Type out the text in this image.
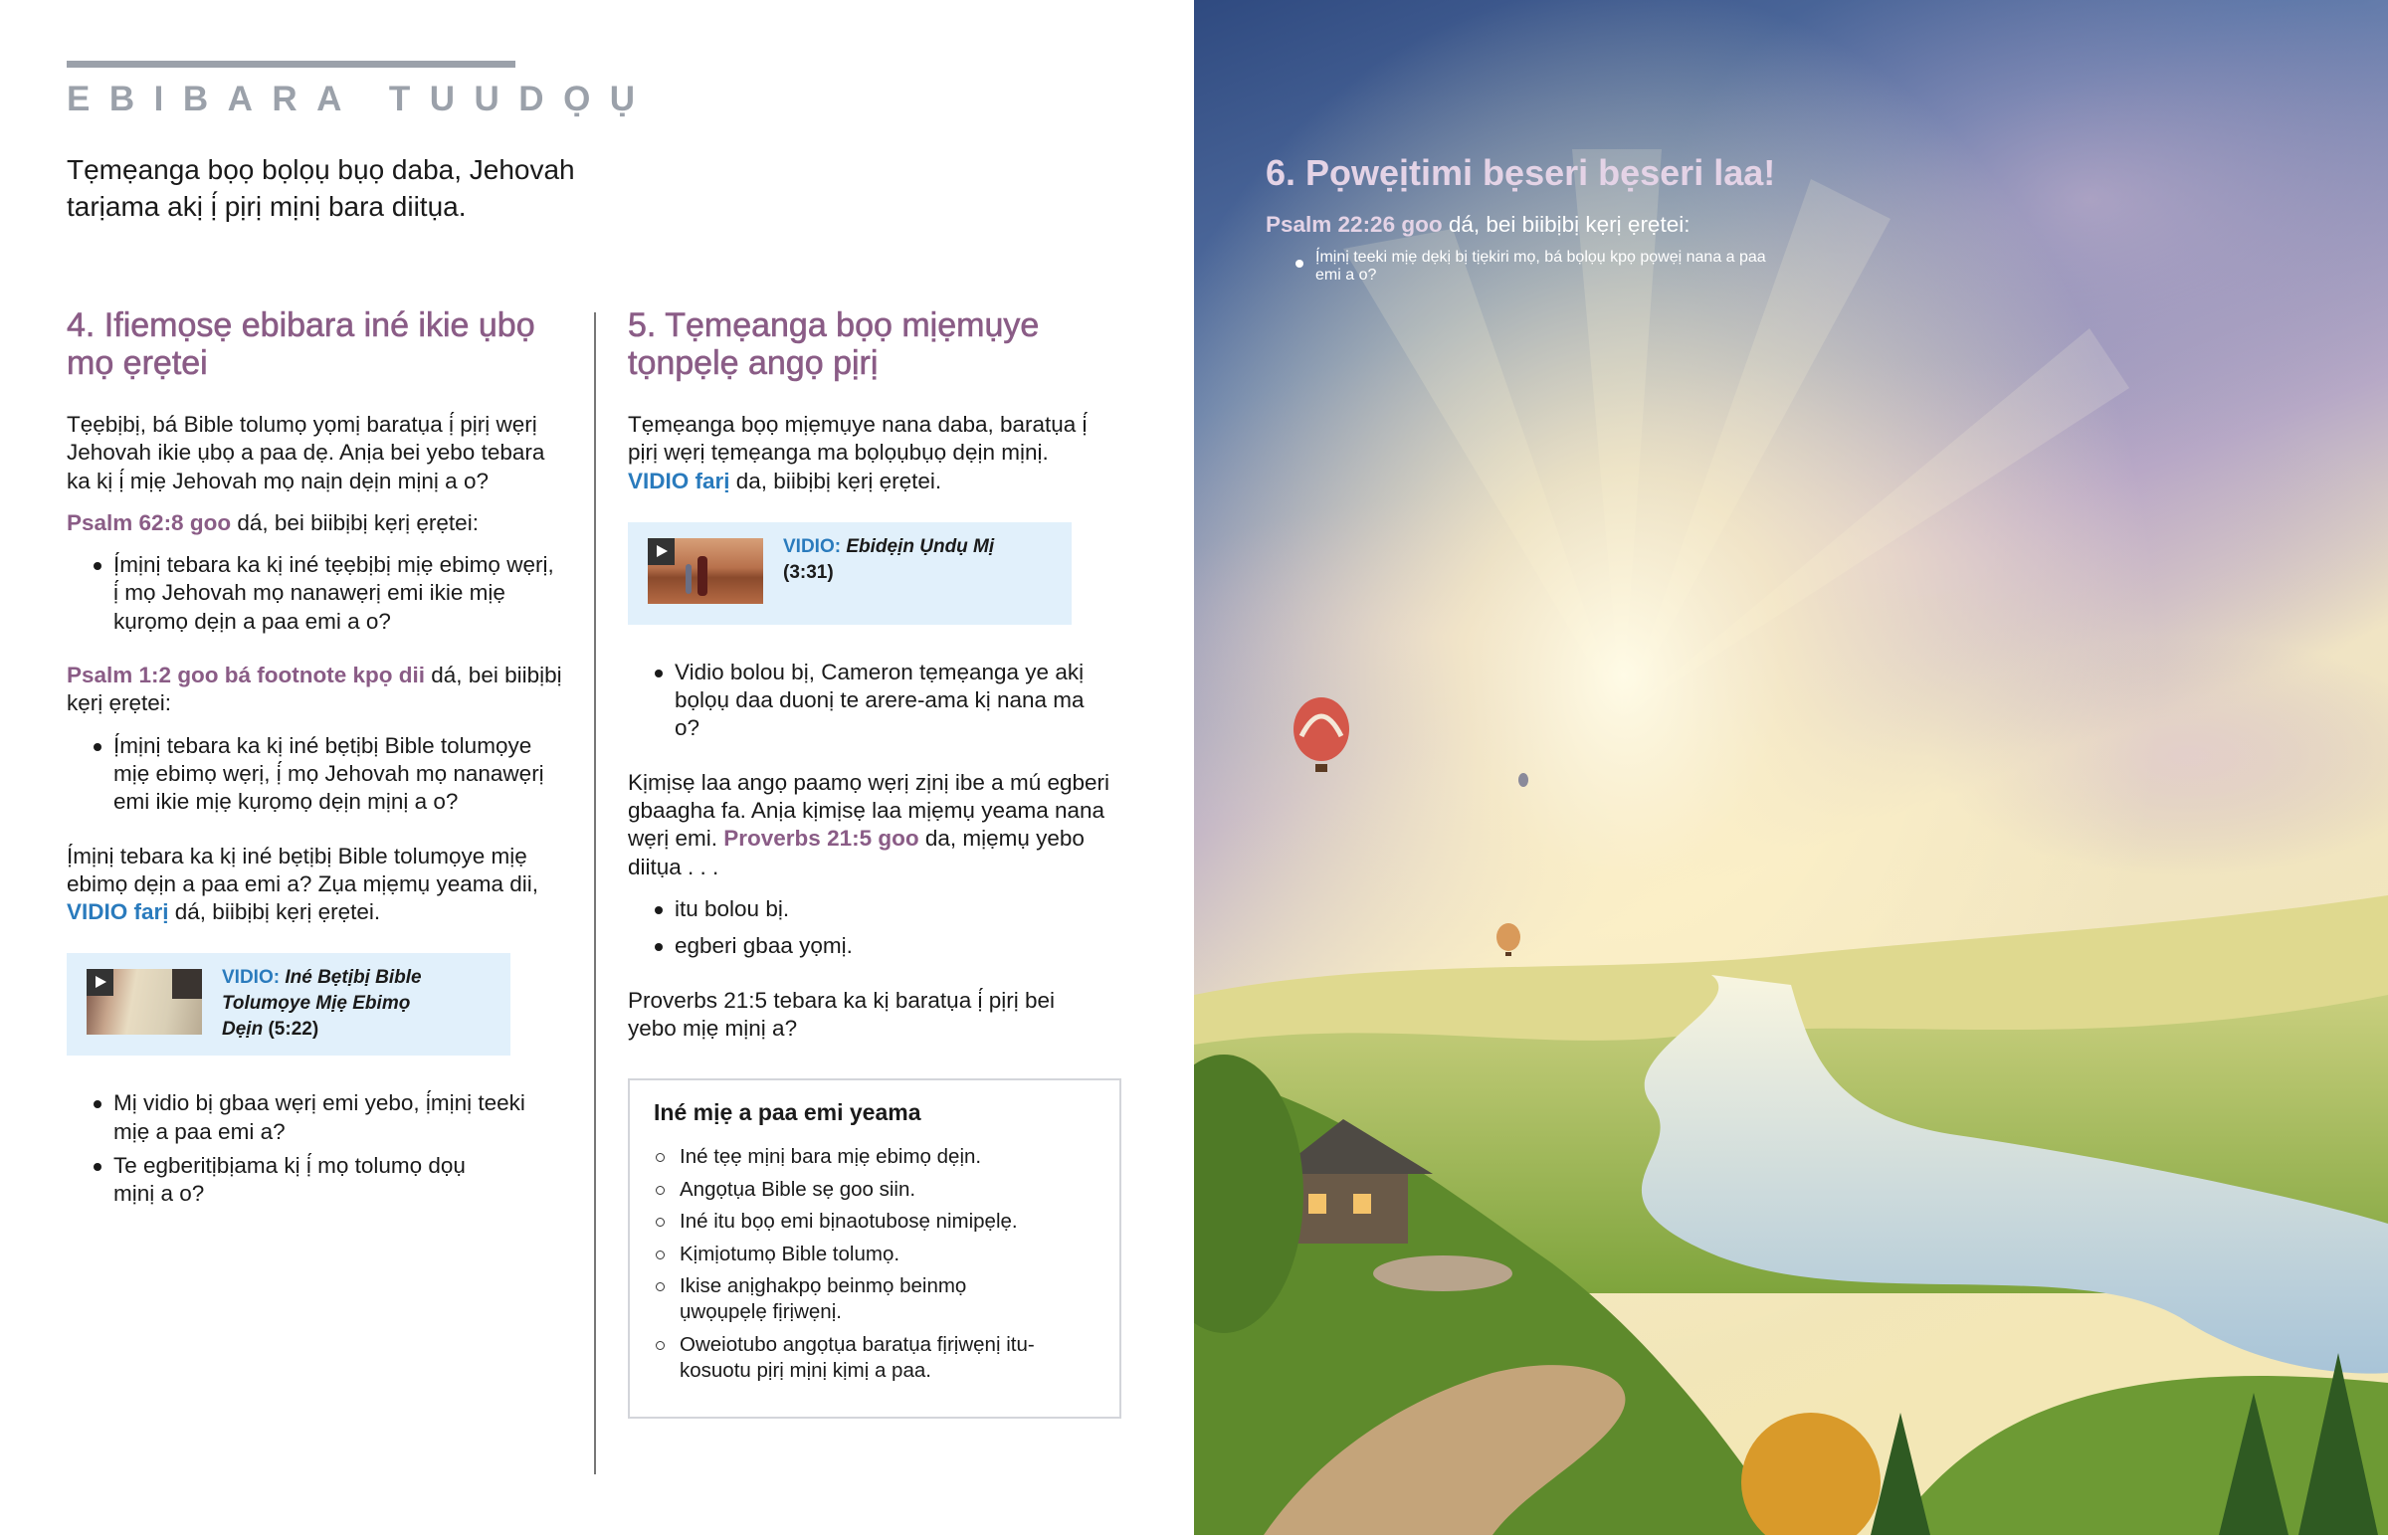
EBIBARA TUUDỌỤ
Tẹmẹanga bọọ bọlọụ bụọ daba, Jehovah tarịama akị ị́ pịrị mịnị bara diitụa.
4. Ifiemọsẹ ebibara iné ikie ụbọ mọ ẹrẹtei

Tẹẹbịbị, bá Bible tolumọ yọmị baratụa ị́ pịrị wẹrị Jehovah ikie ụbọ a paa dẹ. Anịa bei yebo tebara ka kị ị́ mịẹ Jehovah mọ naịn dẹịn mịnị a o?

Psalm 62:8 goo dá, bei biibịbị kẹrị ẹrẹtei:

Ị́mịnị tebara ka kị iné tẹẹbịbị mịẹ ebimọ wẹrị, ị́ mọ Jehovah mọ nanawẹrị emi ikie mịẹ kụrọmọ dẹịn a paa emi a o?

Psalm 1:2 goo bá footnote kpọ dii dá, bei biibịbị kẹrị ẹrẹtei:

Ị́mịnị tebara ka kị iné bẹtịbị Bible tolumọye mịẹ ebimọ wẹrị, ị́ mọ Jehovah mọ nanawẹrị emi ikie mịẹ kụrọmọ dẹịn mịnị a o?

Ị́mịnị tebara ka kị iné bẹtịbị Bible tolumọye mịẹ ebimọ dẹịn a paa emi a? Zụa mịẹmụ yeama dii, VIDIO farị dá, biibịbị kẹrị ẹrẹtei.

VIDIO: Iné Bẹtịbị Bible Tolumọye Mịẹ Ebimọ Dẹịn (5:22)
Mị vidio bị gbaa wẹrị emi yebo, ị́mịnị teeki mịẹ a paa emi a?
Te egberitịbịama kị ị́ mọ tolumọ dọụ mịnị a o?
5. Tẹmẹanga bọọ mịẹmụye tọnpẹlẹ angọ pịrị

Tẹmẹanga bọọ mịẹmụye nana daba, baratụa ị́ pịrị wẹrị tẹmẹanga ma bọlọụbụọ dẹịn mịnị. VIDIO farị da, biibịbị kẹrị ẹrẹtei.

VIDIO: Ebidẹịn Ụndụ Mị
(3:31)
Vidio bolou bị, Cameron tẹmẹanga ye akị bọlọụ daa duonị te arere-ama kị nana ma o?

Kịmịsẹ laa angọ paamọ wẹrị zịnị ibe a mú egberi gbaagha fa. Anịa kịmịsẹ laa mịẹmụ yeama nana wẹrị emi. Proverbs 21:5 goo da, mịẹmụ yebo diitụa . . .

itu bolou bị.
egberi gbaa yọmị.

Proverbs 21:5 tebara ka kị baratụa ị́ pịrị bei yebo mịẹ mịnị a?

Iné mịẹ a paa emi yeama
Iné tẹẹ mịnị bara mịẹ ebimọ dẹịn.
Angọtụa Bible sẹ goo siin.
Iné itu bọọ emi bịnaotubosẹ nimipẹlẹ.
Kịmịotumọ Bible tolumọ.
Ikise anịghakpọ beinmọ beinmọ ụwọụpẹlẹ fịrịwẹnị.
Oweiotubo angọtụa baratụa fịrịwẹnị itu-kosuotu pịrị mịnị kịmị a paa.
6. Pọwẹịtimi bẹseri bẹseri laa!

Psalm 22:26 goo dá, bei biibịbị kẹrị ẹrẹtei:

Ị́mịnị teeki mịẹ dẹkị bị tịẹkiri mọ, bá bọlọụ kpọ pọwẹị nana a paa emi a o?
